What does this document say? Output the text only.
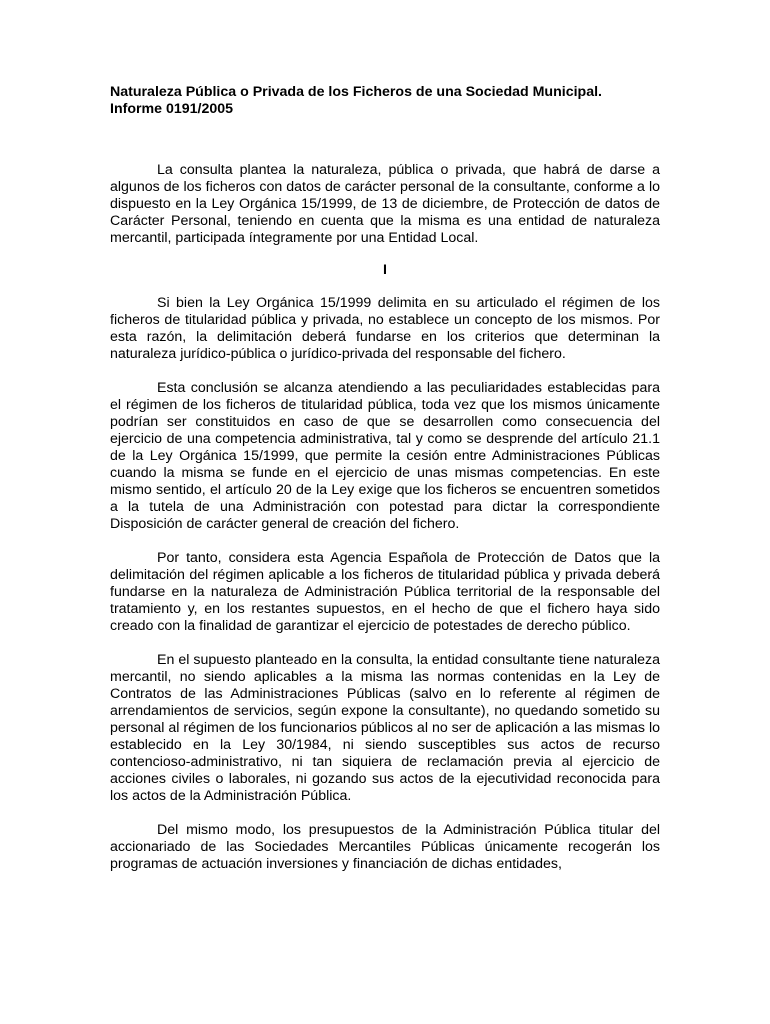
Naturaleza Pública o Privada de los Ficheros de una Sociedad Municipal.
Informe 0191/2005

La consulta plantea la naturaleza, pública o privada, que habrá de darse a algunos de los ficheros con datos de carácter personal de la consultante, conforme a lo dispuesto en la Ley Orgánica 15/1999, de 13 de diciembre, de Protección de datos de Carácter Personal, teniendo en cuenta que la misma es una entidad de naturaleza mercantil, participada íntegramente por una Entidad Local.

I

Si bien la Ley Orgánica 15/1999 delimita en su articulado el régimen de los ficheros de titularidad pública y privada, no establece un concepto de los mismos. Por esta razón, la delimitación deberá fundarse en los criterios que determinan la naturaleza jurídico-pública o jurídico-privada del responsable del fichero.

Esta conclusión se alcanza atendiendo a las peculiaridades establecidas para el régimen de los ficheros de titularidad pública, toda vez que los mismos únicamente podrían ser constituidos en caso de que se desarrollen como consecuencia del ejercicio de una competencia administrativa, tal y como se desprende del artículo 21.1 de la Ley Orgánica 15/1999, que permite la cesión entre Administraciones Públicas cuando la misma se funde en el ejercicio de unas mismas competencias. En este mismo sentido, el artículo 20 de la Ley exige que los ficheros se encuentren sometidos a la tutela de una Administración con potestad para dictar la correspondiente Disposición de carácter general de creación del fichero.

Por tanto, considera esta Agencia Española de Protección de Datos que la delimitación del régimen aplicable a los ficheros de titularidad pública y privada deberá fundarse en la naturaleza de Administración Pública territorial de la responsable del tratamiento y, en los restantes supuestos, en el hecho de que el fichero haya sido creado con la finalidad de garantizar el ejercicio de potestades de derecho público.

En el supuesto planteado en la consulta, la entidad consultante tiene naturaleza mercantil, no siendo aplicables a la misma las normas contenidas en la Ley de Contratos de las Administraciones Públicas (salvo en lo referente al régimen de arrendamientos de servicios, según expone la consultante), no quedando sometido su personal al régimen de los funcionarios públicos al no ser de aplicación a las mismas lo establecido en la Ley 30/1984, ni siendo susceptibles sus actos de recurso contencioso-administrativo, ni tan siquiera de reclamación previa al ejercicio de acciones civiles o laborales, ni gozando sus actos de la ejecutividad reconocida para los actos de la Administración Pública.

Del mismo modo, los presupuestos de la Administración Pública titular del accionariado de las Sociedades Mercantiles Públicas únicamente recogerán los programas de actuación inversiones y financiación de dichas entidades,
